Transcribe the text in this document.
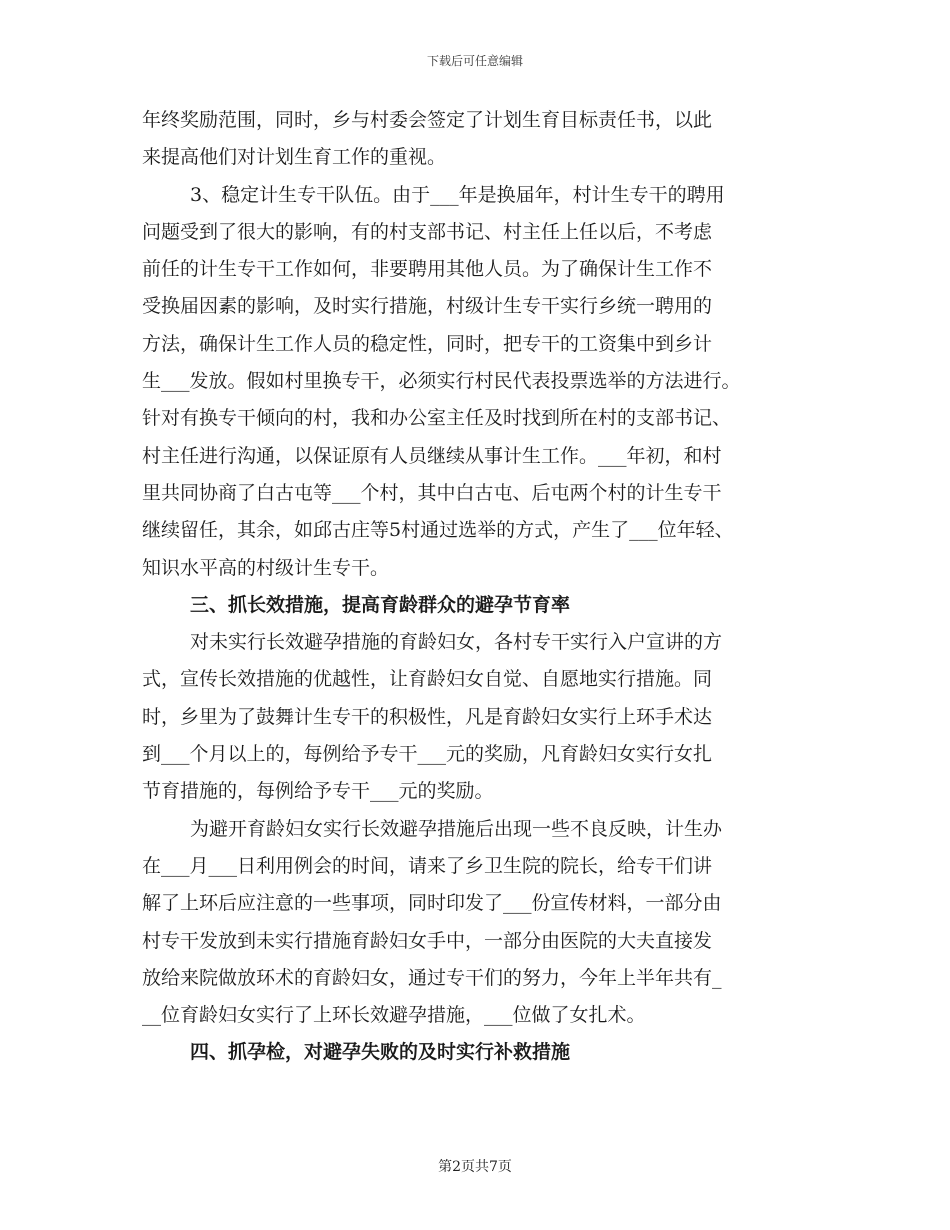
下载后可任意编辑
年终奖励范围，同时，乡与村委会签定了计划生育目标责任书，以此
来提高他们对计划生育工作的重视。
3、稳定计生专干队伍。由于___年是换届年，村计生专干的聘用
问题受到了很大的影响，有的村支部书记、村主任上任以后，不考虑
前任的计生专干工作如何，非要聘用其他人员。为了确保计生工作不
受换届因素的影响，及时实行措施，村级计生专干实行乡统一聘用的
方法，确保计生工作人员的稳定性，同时，把专干的工资集中到乡计
生___发放。假如村里换专干，必须实行村民代表投票选举的方法进行。
针对有换专干倾向的村，我和办公室主任及时找到所在村的支部书记、
村主任进行沟通，以保证原有人员继续从事计生工作。___年初，和村
里共同协商了白古屯等___个村，其中白古屯、后屯两个村的计生专干
继续留任，其余，如邱古庄等5村通过选举的方式，产生了___位年轻、
知识水平高的村级计生专干。
三、抓长效措施，提高育龄群众的避孕节育率
对未实行长效避孕措施的育龄妇女，各村专干实行入户宣讲的方
式，宣传长效措施的优越性，让育龄妇女自觉、自愿地实行措施。同
时，乡里为了鼓舞计生专干的积极性，凡是育龄妇女实行上环手术达
到___个月以上的，每例给予专干___元的奖励，凡育龄妇女实行女扎
节育措施的，每例给予专干___元的奖励。
为避开育龄妇女实行长效避孕措施后出现一些不良反映，计生办
在___月___日利用例会的时间，请来了乡卫生院的院长，给专干们讲
解了上环后应注意的一些事项，同时印发了___份宣传材料，一部分由
村专干发放到未实行措施育龄妇女手中，一部分由医院的大夫直接发
放给来院做放环术的育龄妇女，通过专干们的努力，今年上半年共有_
__位育龄妇女实行了上环长效避孕措施，___位做了女扎术。
四、抓孕检，对避孕失败的及时实行补救措施
第2页共7页
